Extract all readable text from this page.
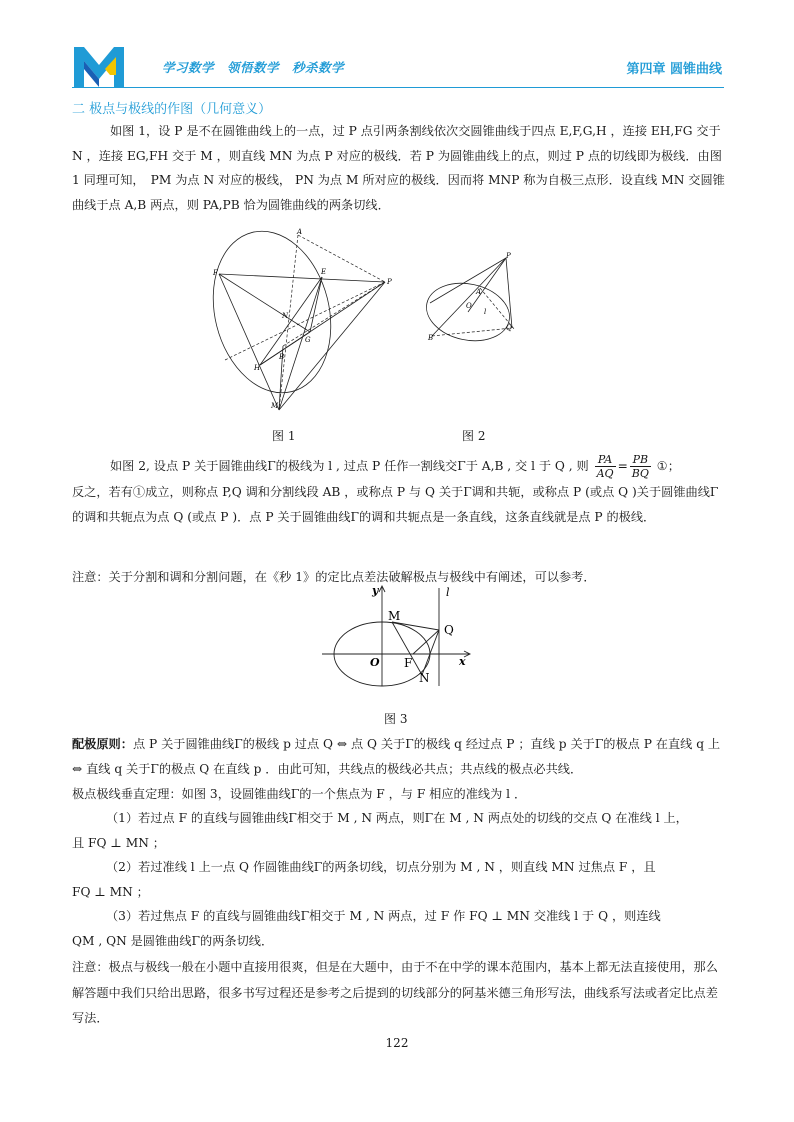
M
学习数学　领悟数学　秒杀数学	第四章 圆锥曲线
二 极点与极线的作图（几何意义）
如图 1，设 P 是不在圆锥曲线上的一点，过 P 点引两条割线依次交圆锥曲线于四点 E,F,G,H ，连接 EH,FG 交于 N ，连接 EG,FH 交于 M ，则直线 MN 为点 P 对应的极线．若 P 为圆锥曲线上的点，则过 P 点的切线即为极线．由图 1 同理可知，　PM 为点 N 对应的极线， PN 为点 M 所对应的极线．因而将 MNP 称为自极三点形．设直线 MN 交圆锥曲线于点 A,B 两点，则 PA,PB 恰为圆锥曲线的两条切线．
A
F	E
P
N
G
B
H
M
图 1
P
A
O
l
Q
B
图 2
如图 2, 设点 P 关于圆锥曲线Γ的极线为 l , 过点 P 任作一割线交Γ于 A,B , 交 l 于 Q , 则 $\frac{PA}{AQ} = \frac{PB}{BQ}$ ①；
反之，若有①成立，则称点 P,Q 调和分割线段 AB ，或称点 P 与 Q 关于Γ调和共轭，或称点 P (或点 Q )关于圆锥曲线Γ的调和共轭点为点 Q (或点 P )．点 P 关于圆锥曲线Γ的调和共轭点是一条直线，这条直线就是点 P 的极线．
注意：关于分割和调和分割问题，在《秒 1》的定比点差法破解极点与极线中有阐述，可以参考．
y	l
M
Q
O F	x
N
图 3
配极原则：点 P 关于圆锥曲线Γ的极线 p 过点 Q ⇔ 点 Q 关于Γ的极线 q 经过点 P ；直线 p 关于Γ的极点 P 在直线 q 上 ⇔ 直线 q 关于Γ的极点 Q 在直线 p ．由此可知，共线点的极线必共点；共点线的极点必共线．
极点极线垂直定理：如图 3，设圆锥曲线Γ的一个焦点为 F ，与 F 相应的准线为 l ．
（1）若过点 F 的直线与圆锥曲线Γ相交于 M , N 两点，则Γ在 M , N 两点处的切线的交点 Q 在准线 l 上，
且 FQ ⊥ MN ；
（2）若过准线 l 上一点 Q 作圆锥曲线Γ的两条切线，切点分别为 M , N ，则直线 MN 过焦点 F ，且
FQ ⊥ MN ；
（3）若过焦点 F 的直线与圆锥曲线Γ相交于 M , N 两点，过 F 作 FQ ⊥ MN 交准线 l 于 Q ，则连线
QM , QN 是圆锥曲线Γ的两条切线．
注意：极点与极线一般在小题中直接用很爽，但是在大题中，由于不在中学的课本范围内，基本上都无法直接使用，那么解答题中我们只给出思路，很多书写过程还是参考之后提到的切线部分的阿基米德三角形写法，曲线系写法或者定比点差写法．
122
